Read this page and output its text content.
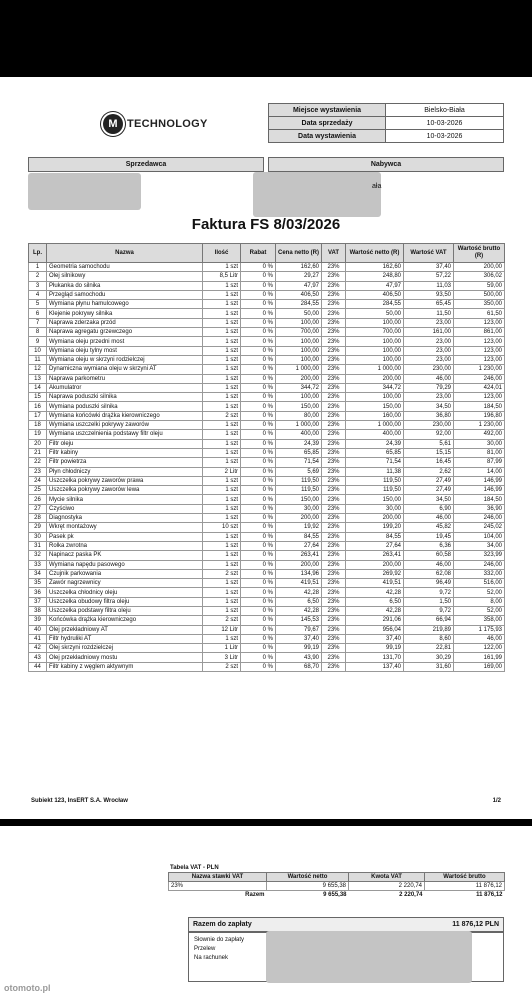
M TECHNOLOGY
Miejsce wystawienia	Bielsko-Biała
Data sprzedaży	10-03-2026
Data wystawienia	10-03-2026
Sprzedawca	Nabywca
ała
Faktura FS 8/03/2026
Lp.	Nazwa	Ilość	Rabat	Cena netto (R)	VAT	Wartość netto (R)	Wartość VAT	Wartość brutto (R)
1	Geometria samochodu	1 szt	0 %	162,60	23%	162,60	37,40	200,00
2	Olej silnikowy	8,5 Litr	0 %	29,27	23%	248,80	57,22	306,02
3	Płukanka do silnika	1 szt	0 %	47,97	23%	47,97	11,03	59,00
4	Przegląd samochodu	1 szt	0 %	406,50	23%	406,50	93,50	500,00
5	Wymiana płynu hamulcowego	1 szt	0 %	284,55	23%	284,55	65,45	350,00
6	Klejenie pokrywy silnika	1 szt	0 %	50,00	23%	50,00	11,50	61,50
7	Naprawa zderzaka przód	1 szt	0 %	100,00	23%	100,00	23,00	123,00
8	Naprawa agregatu grzewczego	1 szt	0 %	700,00	23%	700,00	161,00	861,00
9	Wymiana oleju przedni most	1 szt	0 %	100,00	23%	100,00	23,00	123,00
10	Wymiana oleju tylny most	1 szt	0 %	100,00	23%	100,00	23,00	123,00
11	Wymiana oleju w skrzyni rodzielczej	1 szt	0 %	100,00	23%	100,00	23,00	123,00
12	Dynamiczna wymiana oleju w skrzyni AT	1 szt	0 %	1 000,00	23%	1 000,00	230,00	1 230,00
13	Naprawa parkometru	1 szt	0 %	200,00	23%	200,00	46,00	246,00
14	Akumulatror	1 szt	0 %	344,72	23%	344,72	79,29	424,01
15	Naprawa poduszki silnika	1 szt	0 %	100,00	23%	100,00	23,00	123,00
16	Wymiana poduszki silnika	1 szt	0 %	150,00	23%	150,00	34,50	184,50
17	Wymiana końcówki drążka kierowniczego	2 szt	0 %	80,00	23%	160,00	36,80	196,80
18	Wymiana uszczelki pokrywy zaworów	1 szt	0 %	1 000,00	23%	1 000,00	230,00	1 230,00
19	Wymiana uszczelnienia podstawy filtr oleju	1 szt	0 %	400,00	23%	400,00	92,00	492,00
20	Filtr oleju	1 szt	0 %	24,39	23%	24,39	5,61	30,00
21	Filtr kabiny	1 szt	0 %	65,85	23%	65,85	15,15	81,00
22	Filtr powietrza	1 szt	0 %	71,54	23%	71,54	16,45	87,99
23	Płyn chłodniczy	2 Litr	0 %	5,69	23%	11,38	2,62	14,00
24	Uszczelka pokrywy zaworów prawa	1 szt	0 %	119,50	23%	119,50	27,49	146,99
25	Uszczelka pokrywy zaworów lewa	1 szt	0 %	119,50	23%	119,50	27,49	146,99
26	Mycie silnika	1 szt	0 %	150,00	23%	150,00	34,50	184,50
27	Czyściwo	1 szt	0 %	30,00	23%	30,00	6,90	36,90
28	Diagnostyka	1 szt	0 %	200,00	23%	200,00	46,00	246,00
29	Wkręt montażowy	10 szt	0 %	19,92	23%	199,20	45,82	245,02
30	Pasek pk	1 szt	0 %	84,55	23%	84,55	19,45	104,00
31	Rolka zwrotna	1 szt	0 %	27,64	23%	27,64	6,36	34,00
32	Napinacz paska PK	1 szt	0 %	263,41	23%	263,41	60,58	323,99
33	Wymiana napędu pasowego	1 szt	0 %	200,00	23%	200,00	46,00	246,00
34	Czujnik parkowania	2 szt	0 %	134,96	23%	269,92	62,08	332,00
35	Zawór nagrzewnicy	1 szt	0 %	419,51	23%	419,51	96,49	516,00
36	Uszczelka chłodnicy oleju	1 szt	0 %	42,28	23%	42,28	9,72	52,00
37	Uszczelka obudowy filtra oleju	1 szt	0 %	6,50	23%	6,50	1,50	8,00
38	Uszczelka podstawy filtra oleju	1 szt	0 %	42,28	23%	42,28	9,72	52,00
39	Końcówka drążka kierowniczego	2 szt	0 %	145,53	23%	291,06	66,94	358,00
40	Olej przekładniowy AT	12 Litr	0 %	79,67	23%	956,04	219,89	1 175,93
41	Filtr hydruliki AT	1 szt	0 %	37,40	23%	37,40	8,60	46,00
42	Olej skrzyni rozdzielczej	1 Litr	0 %	99,19	23%	99,19	22,81	122,00
43	Olej przekładniowy mostu	3 Litr	0 %	43,90	23%	131,70	30,29	161,99
44	Filtr kabiny z węglem aktywnym	2 szt	0 %	68,70	23%	137,40	31,60	169,00
Subiekt 123, InsERT S.A. Wrocław	1/2
Tabela VAT - PLN
Nazwa stawki VAT	Wartość netto	Kwota VAT	Wartość brutto
23%	9 655,38	2 220,74	11 876,12
Razem	9 655,38	2 220,74	11 876,12
Razem do zapłaty	11 876,12 PLN
Słownie do zapłaty
Przelew
Na rachunek
otomoto.pl
